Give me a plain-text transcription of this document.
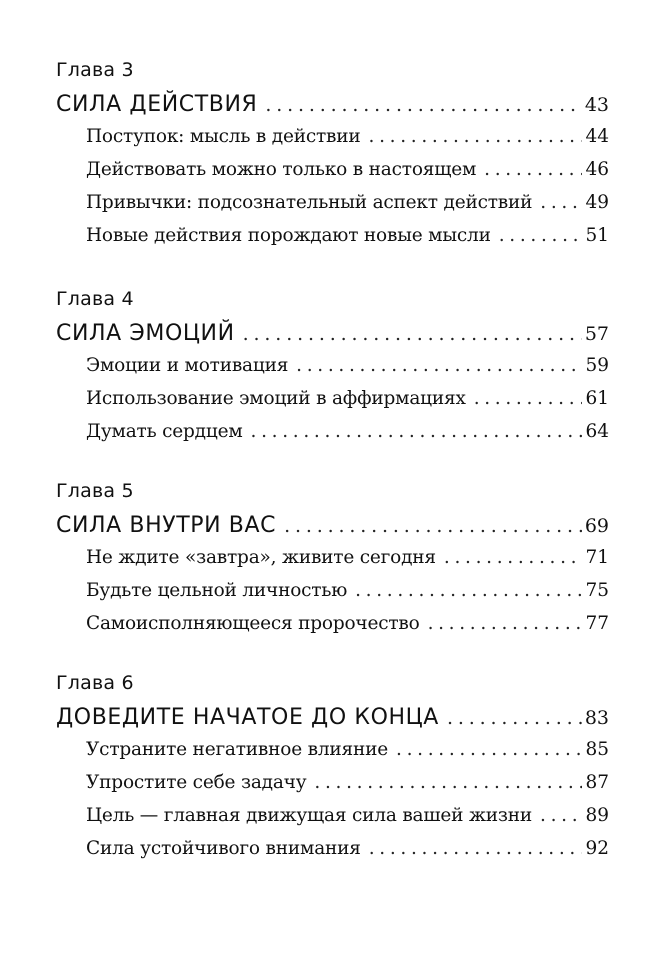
Глава 3
СИЛА ДЕЙСТВИЯ . . .	43
Поступок: мысль в действии . . .	44
Действовать можно только в настоящем . . .	46
Привычки: подсознательный аспект действий . . .	49
Новые действия порождают новые мысли . . .	51
Глава 4
СИЛА ЭМОЦИЙ . . .	57
Эмоции и мотивация . . .	59
Использование эмоций в аффирмациях . . .	61
Думать сердцем . . .	64
Глава 5
СИЛА ВНУТРИ ВАС . . .	69
Не ждите «завтра», живите сегодня . . .	71
Будьте цельной личностью . . .	75
Самоисполняющееся пророчество . . .	77
Глава 6
ДОВЕДИТЕ НАЧАТОЕ ДО КОНЦА . . .	83
Устраните негативное влияние . . .	85
Упростите себе задачу . . .	87
Цель — главная движущая сила вашей жизни . . .	89
Сила устойчивого внимания . . .	92
